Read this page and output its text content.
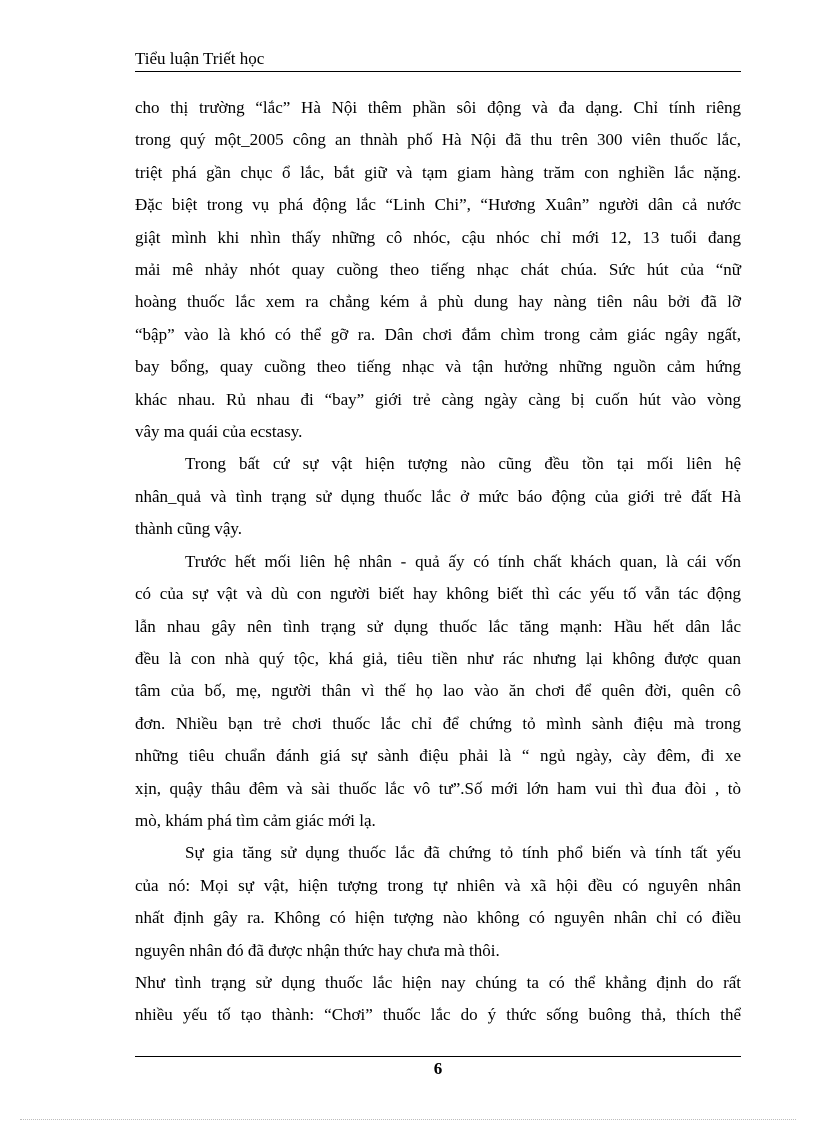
Tiểu luận Triết học

cho thị trường “lắc” Hà Nội thêm phần sôi động và đa dạng. Chỉ tính riêng

trong quý một_2005 công an thnàh phố Hà Nội đã thu trên 300 viên thuốc lắc,

triệt phá gần chục ổ lắc, bắt giữ và tạm giam hàng trăm con nghiền lắc nặng.

Đặc biệt trong vụ phá động lắc “Linh Chi”, “Hương Xuân” người dân cả nước

giật mình khi nhìn thấy những cô nhóc, cậu nhóc chỉ mới 12, 13 tuổi đang

mải mê nhảy nhót quay cuồng theo tiếng nhạc chát chúa. Sức hút của “nữ

hoàng thuốc lắc xem ra chẳng kém ả phù dung hay nàng tiên nâu bởi đã lỡ

“bập” vào là khó có thể gỡ ra. Dân chơi đắm chìm trong cảm giác ngây ngất,

bay bổng, quay cuồng theo tiếng nhạc và tận hưởng những nguồn cảm hứng

khác nhau. Rủ nhau đi “bay” giới trẻ càng ngày càng bị cuốn hút vào vòng

vây ma quái của ecstasy.

Trong bất cứ sự vật hiện tượng nào cũng đều tồn tại mối liên hệ

nhân_quả và tình trạng sử dụng thuốc lắc ở mức báo động của giới trẻ đất Hà

thành cũng vậy.

Trước hết mối liên hệ nhân - quả ấy có tính chất khách quan, là cái vốn

có của sự vật và dù con người biết hay không biết thì các yếu tố vẫn tác động

lẫn nhau gây nên tình trạng sử dụng thuốc lắc tăng mạnh: Hầu hết dân lắc

đều là con nhà quý tộc, khá giả, tiêu tiền như rác nhưng lại không được quan

tâm của bố, mẹ, người thân vì thế họ lao vào ăn chơi để quên đời, quên cô

đơn. Nhiều bạn trẻ chơi thuốc lắc chỉ để chứng tỏ mình sành điệu mà trong

những tiêu chuẩn đánh giá sự sành điệu phải là “ ngủ ngày, cày đêm, đi xe

xịn, quậy thâu đêm và sài thuốc lắc vô tư”.Số mới lớn ham vui thì đua đòi , tò

mò, khám phá tìm cảm giác mới lạ.

Sự gia tăng sử dụng thuốc lắc đã chứng tỏ tính phổ biến và tính tất yếu

của nó: Mọi sự vật, hiện tượng trong tự nhiên và xã hội đều có nguyên nhân

nhất định gây ra. Không có hiện tượng nào không có nguyên nhân chỉ có điều

nguyên nhân đó đã được nhận thức hay chưa mà thôi.

Như tình trạng sử dụng thuốc lắc hiện nay chúng ta có thể khẳng định do rất

nhiều yếu tố tạo thành: “Chơi” thuốc lắc do ý thức sống buông thả, thích thể

6
